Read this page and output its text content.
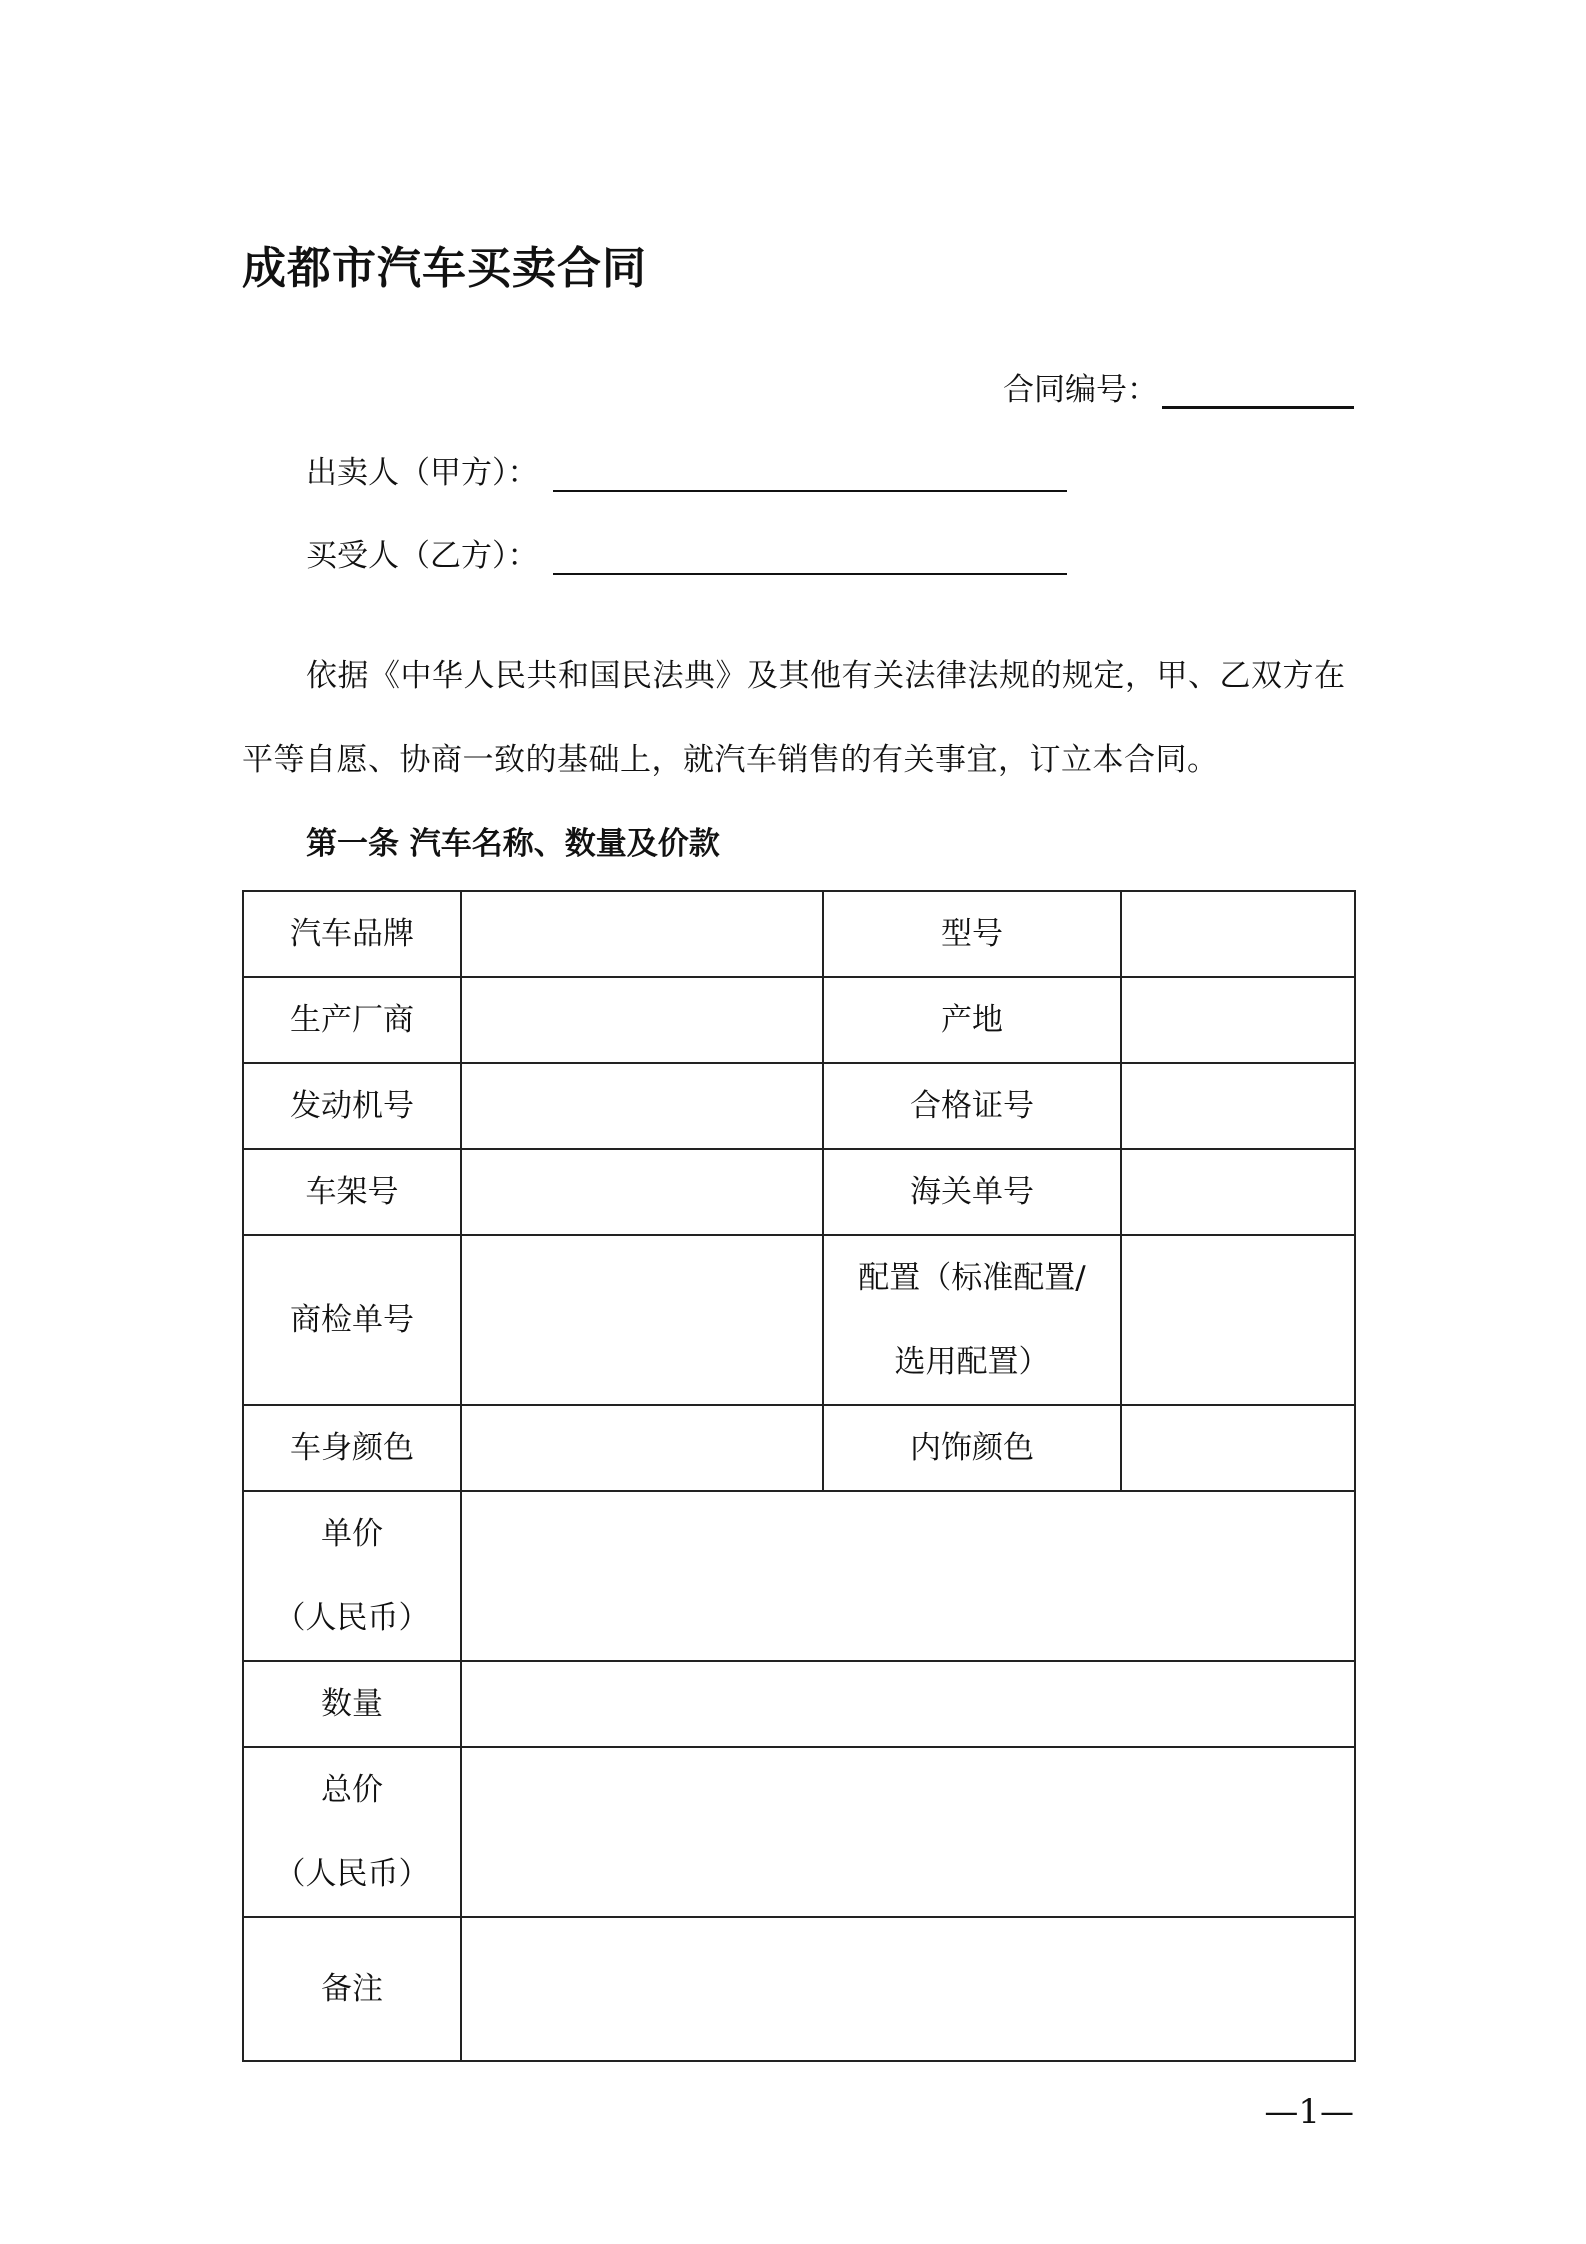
成都市汽车买卖合同
合同编号：
出卖人（甲方）：
买受人（乙方）：

依据《中华人民共和国民法典》及其他有关法律法规的规定，甲、乙双方在平等自愿、协商一致的基础上，就汽车销售的有关事宜，订立本合同。

第一条 汽车名称、数量及价款
汽车品牌		型号	
生产厂商		产地	
发动机号		合格证号	
车架号		海关单号	
商检单号		配置（标准配置/
选用配置）	

车身颜色		内饰颜色	

单价
（人民币）			

数量			

总价
（人民币）			

备注			
—1—
